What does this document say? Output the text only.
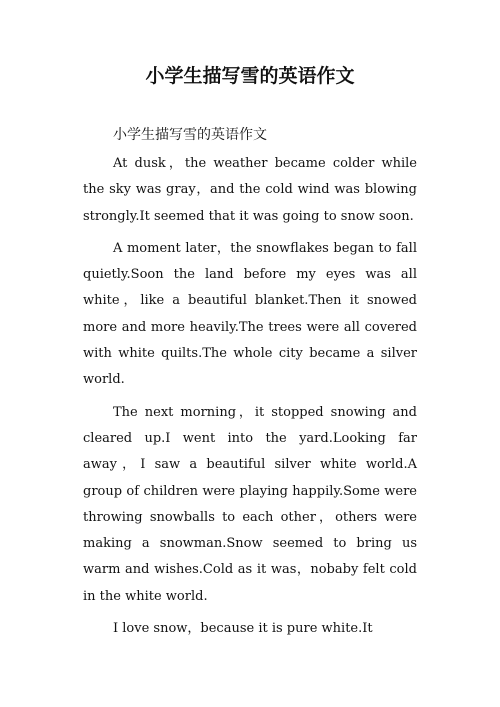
小学生描写雪的英语作文

小学生描写雪的英语作文

At dusk，the weather became colder while the sky was gray，and the cold wind was blowing strongly.It seemed that it was going to snow soon.

A moment later，the snowflakes began to fall quietly.Soon the land before my eyes was all white，like a beautiful blanket.Then it snowed more and more heavily.The trees were all covered with white quilts.The whole city became a silver world.

The next morning，it stopped snowing and cleared up.I went into the yard.Looking far away，I saw a beautiful silver white world.A group of children were playing happily.Some were throwing snowballs to each other，others were making a snowman.Snow seemed to bring us warm and wishes.Cold as it was，nobaby felt cold in the white world.

I love snow，because it is pure white.It
